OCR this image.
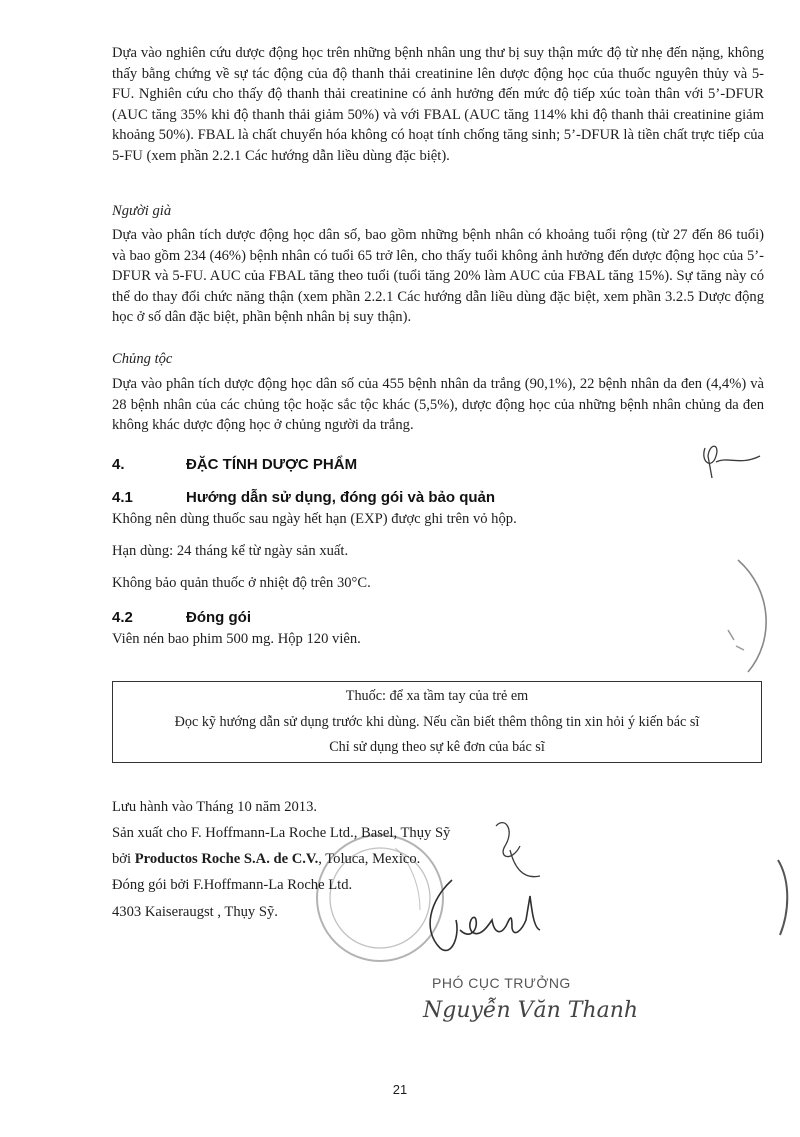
Dựa vào nghiên cứu dược động học trên những bệnh nhân ung thư bị suy thận mức độ từ nhẹ đến nặng, không thấy bằng chứng về sự tác động của độ thanh thải creatinine lên dược động học của thuốc nguyên thủy và 5-FU. Nghiên cứu cho thấy độ thanh thải creatinine có ảnh hưởng đến mức độ tiếp xúc toàn thân với 5’-DFUR (AUC tăng 35% khi độ thanh thải giảm 50%) và với FBAL (AUC tăng 114% khi độ thanh thải creatinine giảm khoảng 50%). FBAL là chất chuyển hóa không có hoạt tính chống tăng sinh; 5’-DFUR là tiền chất trực tiếp của 5-FU (xem phần 2.2.1 Các hướng dẫn liều dùng đặc biệt).

Người già

Dựa vào phân tích dược động học dân số, bao gồm những bệnh nhân có khoảng tuổi rộng (từ 27 đến 86 tuổi) và bao gồm 234 (46%) bệnh nhân có tuổi 65 trở lên, cho thấy tuổi không ảnh hưởng đến dược động học của 5’-DFUR và 5-FU. AUC của FBAL tăng theo tuổi (tuổi tăng 20% làm AUC của FBAL tăng 15%). Sự tăng này có thể do thay đổi chức năng thận (xem phần 2.2.1 Các hướng dẫn liều dùng đặc biệt, xem phần 3.2.5 Dược động học ở số dân đặc biệt, phần bệnh nhân bị suy thận).

Chủng tộc

Dựa vào phân tích dược động học dân số của 455 bệnh nhân da trắng (90,1%), 22 bệnh nhân da đen (4,4%) và 28 bệnh nhân của các chủng tộc hoặc sắc tộc khác (5,5%), dược động học của những bệnh nhân chủng da đen không khác dược động học ở chủng người da trắng.

4.	ĐẶC TÍNH DƯỢC PHẨM
4.1	Hướng dẫn sử dụng, đóng gói và bảo quản
Không nên dùng thuốc sau ngày hết hạn (EXP) được ghi trên vỏ hộp.
Hạn dùng: 24 tháng kể từ ngày sản xuất.
Không bảo quản thuốc ở nhiệt độ trên 30°C.
4.2	Đóng gói
Viên nén bao phim 500 mg. Hộp 120 viên.
Thuốc: để xa tầm tay của trẻ em
Đọc kỹ hướng dẫn sử dụng trước khi dùng. Nếu cần biết thêm thông tin xin hỏi ý kiến bác sĩ
Chỉ sử dụng theo sự kê đơn của bác sĩ
Lưu hành vào Tháng 10 năm 2013.
Sản xuất cho F. Hoffmann-La Roche Ltd., Basel, Thụy Sỹ
bởi Productos Roche S.A. de C.V., Toluca, Mexico.
Đóng gói bởi F.Hoffmann-La Roche Ltd.
4303 Kaiseraugst , Thụy Sỹ.
PHÓ CỤC TRƯỞNG
Nguyễn Văn Thanh
21
